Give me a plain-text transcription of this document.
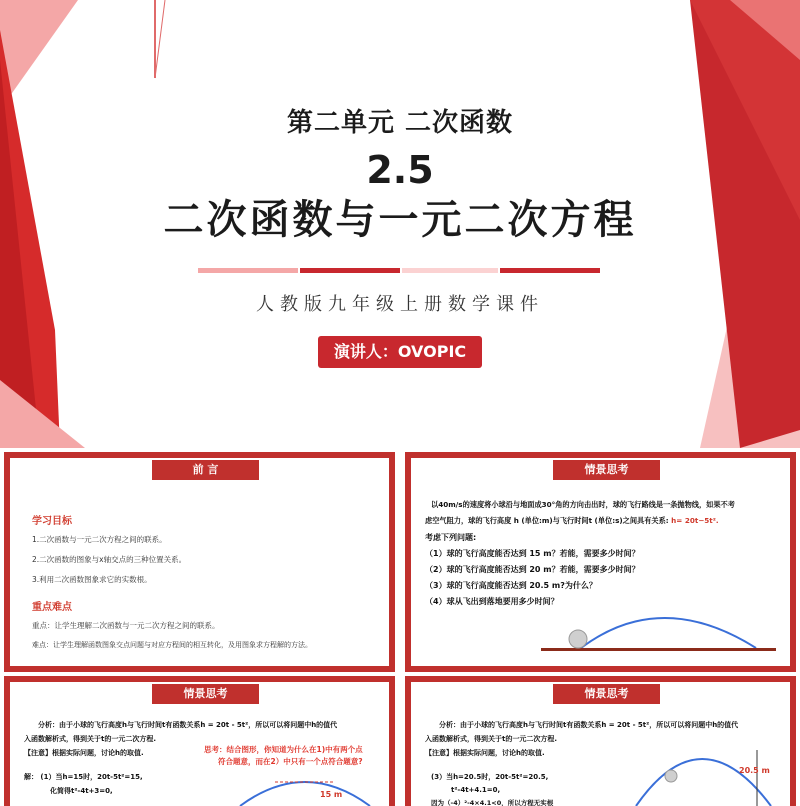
第二单元 二次函数
2.5
二次函数与一元二次方程
人教版九年级上册数学课件
演讲人：OVOPIC
前 言
学习目标
1.二次函数与一元二次方程之间的联系。
2.二次函数的图象与x轴交点的三种位置关系。
3.利用二次函数图象求它的实数根。
重点难点
重点：让学生理解二次函数与一元二次方程之间的联系。
难点：让学生理解函数图象交点问题与对应方程间的相互转化，及用图象求方程解的方法。
情景思考
以40m/s的速度将小球沿与地面成30°角的方向击出时，球的飞行路线是一条抛物线，如果不考
虑空气阻力，球的飞行高度 h (单位:m)与飞行时间t (单位:s)之间具有关系: h= 20t−5t².
考虑下列问题:
（1）球的飞行高度能否达到 15 m？若能，需要多少时间？
（2）球的飞行高度能否达到 20 m？若能，需要多少时间？
（3）球的飞行高度能否达到 20.5 m?为什么？
（4）球从飞出到落地要用多少时间？
情景思考
分析：由于小球的飞行高度h与飞行时间t有函数关系h = 20t - 5t²，所以可以将问题中h的值代
入函数解析式，得到关于t的一元二次方程.
【注意】根据实际问题，讨论h的取值.	思考：结合图形，你知道为什么在1)中有两个点
符合题意，而在2）中只有一个点符合题意?
解： (1）当h=15时，20t-5t²=15,
化简得t²-4t+3=0,	15 m
情景思考
分析：由于小球的飞行高度h与飞行时间t有函数关系h = 20t - 5t²，所以可以将问题中h的值代
入函数解析式，得到关于t的一元二次方程.
【注意】根据实际问题，讨论h的取值.
(3）当h=20.5时，20t-5t²=20.5,
t²-4t+4.1=0,
因为（-4）²-4×4.1<0，所以方程无实根
20.5 m
